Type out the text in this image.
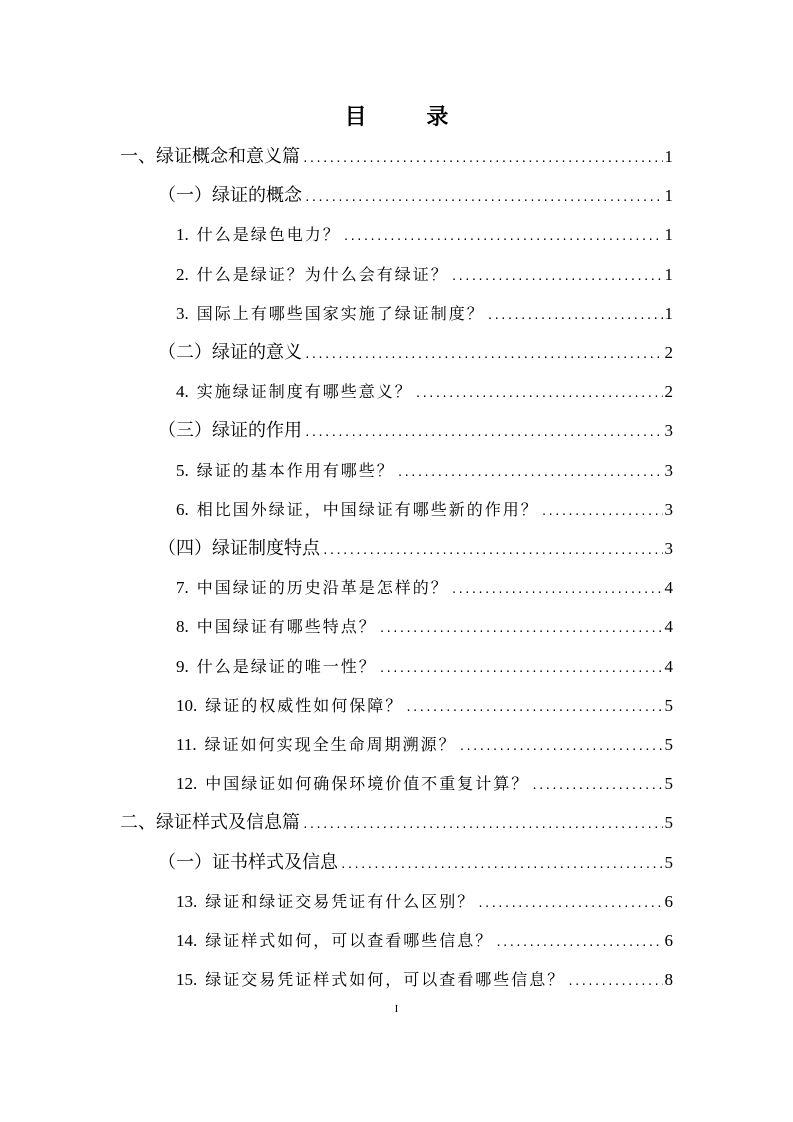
目 录
一、绿证概念和意义篇 .....	1
（一）绿证的概念 .....	1
1. 什么是绿色电力？ .....	1
2. 什么是绿证？为什么会有绿证？ .....	1
3. 国际上有哪些国家实施了绿证制度？ .....	1
（二）绿证的意义 .....	2
4. 实施绿证制度有哪些意义？ .....	2
（三）绿证的作用 .....	3
5. 绿证的基本作用有哪些？ .....	3
6. 相比国外绿证，中国绿证有哪些新的作用？ .....	3
（四）绿证制度特点 .....	3
7. 中国绿证的历史沿革是怎样的？ .....	4
8. 中国绿证有哪些特点？ .....	4
9. 什么是绿证的唯一性？ .....	4
10. 绿证的权威性如何保障？ .....	5
11. 绿证如何实现全生命周期溯源？ .....	5
12. 中国绿证如何确保环境价值不重复计算？ .....	5
二、绿证样式及信息篇 .....	5
（一）证书样式及信息 .....	5
13. 绿证和绿证交易凭证有什么区别？ .....	6
14. 绿证样式如何，可以查看哪些信息？ .....	6
15. 绿证交易凭证样式如何，可以查看哪些信息？ .....	8
I
